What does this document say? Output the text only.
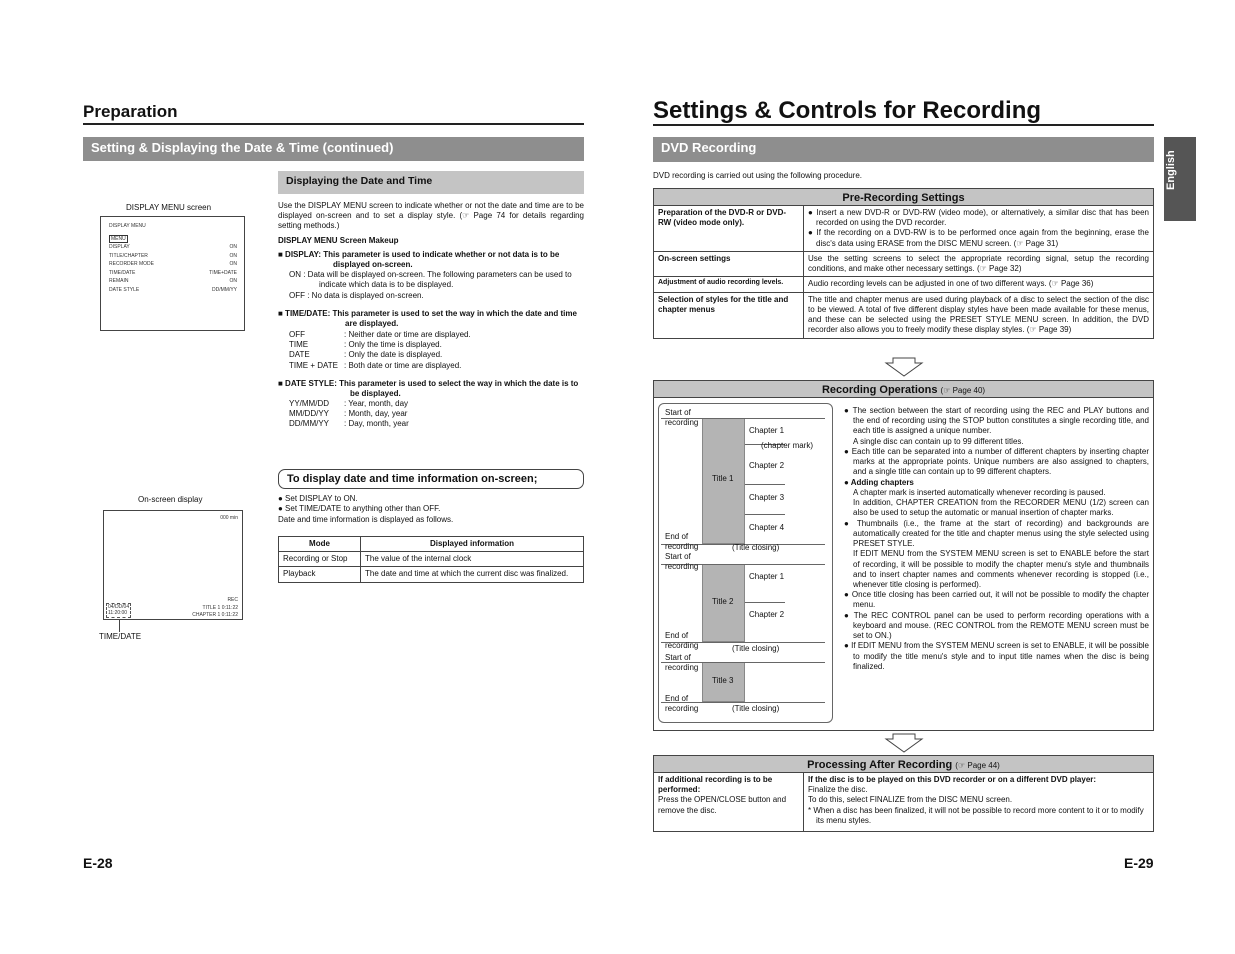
Preparation
Setting & Displaying the Date & Time (continued)
DISPLAY MENU screen
DISPLAY MENU
MENU
DISPLAY	ON
TITLE/CHAPTER	ON
RECORDER MODE	ON
TIME/DATE	TIME+DATE
REMAIN	ON
DATE STYLE	DD/MM/YY
Displaying the Date and Time
Use the DISPLAY MENU screen to indicate whether or not the date and time are to be displayed on-screen and to set a display style. (☞ Page 74 for details regarding setting methods.)
DISPLAY MENU Screen Makeup
■ DISPLAY: This parameter is used to indicate whether or not data is to be displayed on-screen.
ON : Data will be displayed on-screen. The following parameters can be used to indicate which data is to be displayed.
OFF : No data is displayed on-screen.
■ TIME/DATE: This parameter is used to set the way in which the date and time are displayed.
OFF	: Neither date or time are displayed.
TIME	: Only the time is displayed.
DATE	: Only the date is displayed.
TIME + DATE : Both date or time are displayed.
■ DATE STYLE: This parameter is used to select the way in which the date is to be displayed.
YY/MM/DD	: Year, month, day
MM/DD/YY	: Month, day, year
DD/MM/YY	: Day, month, year
On-screen display
000 min
REC
04/DD/04
11:20:00
TITLE 1 0:11:22
CHAPTER 1 0:11:22
TIME/DATE
To display date and time information on-screen;
● Set DISPLAY to ON.
● Set TIME/DATE to anything other than OFF.
Date and time information is displayed as follows.
Mode	Displayed information
Recording or Stop	The value of the internal clock
Playback	The date and time at which the current disc was finalized.
E-28
Settings & Controls for Recording
DVD Recording
English
DVD recording is carried out using the following procedure.
Pre-Recording Settings
Preparation of the DVD-R or DVD-RW (video mode only).	● Insert a new DVD-R or DVD-RW (video mode), or alternatively, a similar disc that has been recorded on using the DVD recorder.
● If the recording on a DVD-RW is to be performed once again from the beginning, erase the disc's data using ERASE from the DISC MENU screen. (☞ Page 31)

On-screen settings	Use the setting screens to select the appropriate recording signal, setup the recording conditions, and make other necessary settings. (☞ Page 32)

Adjustment of audio recording levels.	Audio recording levels can be adjusted in one of two different ways. (☞ Page 36)

Selection of styles for the title and chapter menus	The title and chapter menus are used during playback of a disc to select the section of the disc to be viewed. A total of five different display styles have been made available for these menus, and these can be selected using the PRESET STYLE MENU screen. In addition, the DVD recorder also allows you to freely modify these display styles. (☞ Page 39)
Recording Operations (☞ Page 40)
Start of recording
End of recording
Start of recording
End of recording
Start of recording
End of recording
Title 1
Title 2
Title 3
Chapter 1
(chapter mark)
Chapter 2
Chapter 3
Chapter 4
(Title closing)
Chapter 1
Chapter 2
(Title closing)
(Title closing)
● The section between the start of recording using the REC and PLAY buttons and the end of recording using the STOP button constitutes a single recording title, and each title is assigned a unique number.
A single disc can contain up to 99 different titles.
● Each title can be separated into a number of different chapters by inserting chapter marks at the appropriate points. Unique numbers are also assigned to chapters, and a single title can contain up to 99 different chapters.
● Adding chapters
A chapter mark is inserted automatically whenever recording is paused.
In addition, CHAPTER CREATION from the RECORDER MENU (1/2) screen can also be used to setup the automatic or manual insertion of chapter marks.
● Thumbnails (i.e., the frame at the start of recording) and backgrounds are automatically created for the title and chapter menus using the style selected using PRESET STYLE.
If EDIT MENU from the SYSTEM MENU screen is set to ENABLE before the start of recording, it will be possible to modify the chapter menu's style and thumbnails and to insert chapter names and comments whenever recording is stopped (i.e., whenever title closing is performed).
● Once title closing has been carried out, it will not be possible to modify the chapter menu.
● The REC CONTROL panel can be used to perform recording operations with a keyboard and mouse. (REC CONTROL from the REMOTE MENU screen must be set to ON.)
● If EDIT MENU from the SYSTEM MENU screen is set to ENABLE, it will be possible to modify the title menu's style and to input title names when the disc is being finalized.
Processing After Recording (☞ Page 44)
If additional recording is to be performed:
Press the OPEN/CLOSE button and remove the disc.

If the disc is to be played on this DVD recorder or on a different DVD player:
Finalize the disc.
To do this, select FINALIZE from the DISC MENU screen.
* When a disc has been finalized, it will not be possible to record more content to it or to modify its menu styles.
E-29
